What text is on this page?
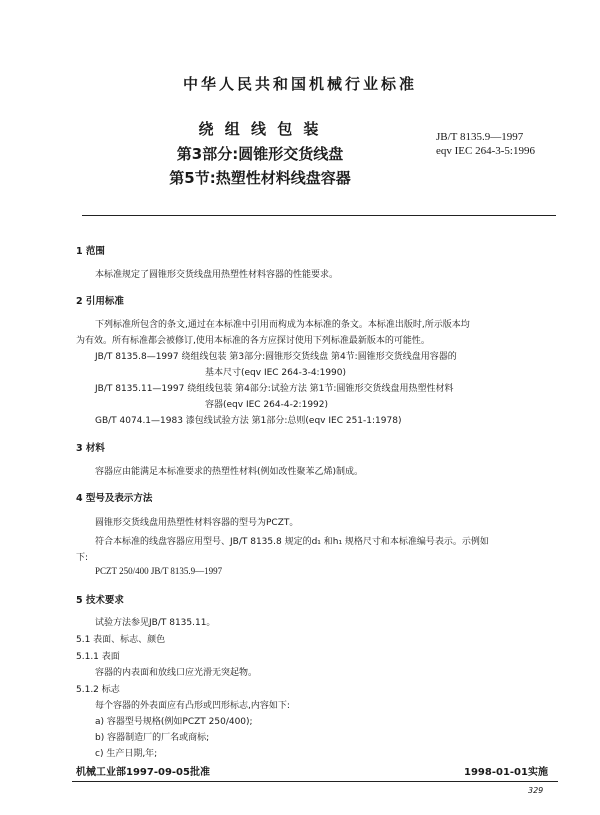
中华人民共和国机械行业标准
绕 组 线 包 装
第3部分:圆锥形交货线盘
第5节:热塑性材料线盘容器
JB/T 8135.9—1997
eqv IEC 264-3-5:1996
1 范围
本标准规定了圆锥形交货线盘用热塑性材料容器的性能要求。
2 引用标准
下列标准所包含的条文,通过在本标准中引用而构成为本标准的条文。本标准出版时,所示版本均
为有效。所有标准都会被修订,使用本标准的各方应探讨使用下列标准最新版本的可能性。
JB/T 8135.8—1997 绕组线包装 第3部分:圆锥形交货线盘 第4节:圆锥形交货线盘用容器的
基本尺寸(eqv IEC 264-3-4:1990)
JB/T 8135.11—1997 绕组线包装 第4部分:试验方法 第1节:圆锥形交货线盘用热塑性材料
容器(eqv IEC 264-4-2:1992)
GB/T 4074.1—1983 漆包线试验方法 第1部分:总则(eqv IEC 251-1:1978)
3 材料
容器应由能满足本标准要求的热塑性材料(例如改性聚苯乙烯)制成。
4 型号及表示方法
圆锥形交货线盘用热塑性材料容器的型号为PCZT。
符合本标准的线盘容器应用型号、JB/T 8135.8 规定的d₁ 和h₁ 规格尺寸和本标准编号表示。示例如
下:
PCZT 250/400 JB/T 8135.9—1997
5 技术要求
试验方法参见JB/T 8135.11。
5.1 表面、标志、颜色
5.1.1 表面
容器的内表面和放线口应光滑无突起物。
5.1.2 标志
每个容器的外表面应有凸形或凹形标志,内容如下:
a) 容器型号规格(例如PCZT 250/400);
b) 容器制造厂的厂名或商标;
c) 生产日期,年;
机械工业部1997-09-05批准	1998-01-01实施
329
